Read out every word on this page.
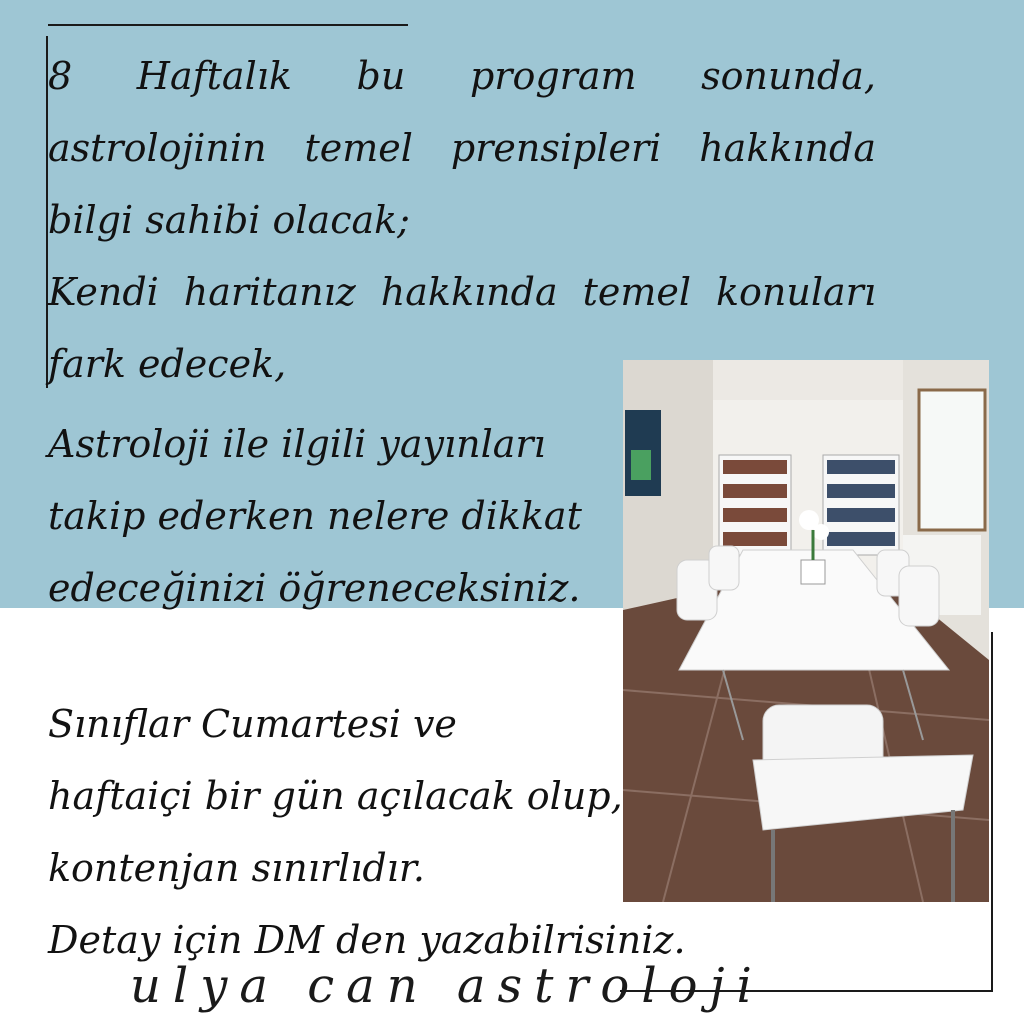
8 Haftalık bu program sonunda,
astrolojinin temel prensipleri hakkında
bilgi sahibi olacak;
Kendi haritanız hakkında temel konuları
fark edecek,
Astroloji ile ilgili yayınları
takip ederken nelere dikkat
edeceğinizi öğreneceksiniz.
Sınıflar Cumartesi ve
haftaiçi bir gün açılacak olup,
kontenjan sınırlıdır.
Detay için DM den yazabilrisiniz.
ulya can astroloji
